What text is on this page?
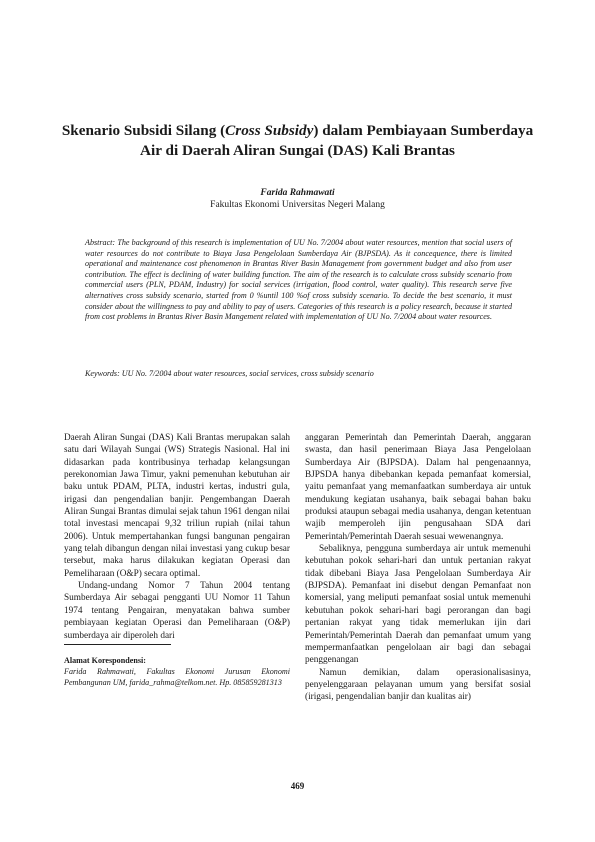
Skenario Subsidi Silang (Cross Subsidy) dalam Pembiayaan Sumberdaya
Air di Daerah Aliran Sungai (DAS) Kali Brantas
Farida Rahmawati
Fakultas Ekonomi Universitas Negeri Malang

Abstract: The background of this research is implementation of UU No. 7/2004 about water resources, mention that social users of water resources do not contribute to Biaya Jasa Pengelolaan Sumberdaya Air (BJPSDA). As it concequence, there is limited operational and maintenance cost phenomenon in Brantas River Basin Management from government budget and also from user contribution. The effect is declining of water building function. The aim of the research is to calculate cross subsidy scenario from commercial users (PLN, PDAM, Industry) for social services (irrigation, flood control, water quality). This research serve five alternatives cross subsidy scenario, started from 0 %until 100 %of cross subsidy scenario. To decide the best scenario, it must consider about the willingness to pay and ability to pay of users. Categories of this research is a policy research, because it started from cost problems in Brantas River Basin Mangement related with implementation of UU No. 7/2004 about water resources.

Keywords: UU No. 7/2004 about water resources, social services, cross subsidy scenario

Daerah Aliran Sungai (DAS) Kali Brantas merupakan salah satu dari Wilayah Sungai (WS) Strategis Nasional. Hal ini didasarkan pada kontribusinya terhadap kelangsungan perekonomian Jawa Timur, yakni pemenuhan kebutuhan air baku untuk PDAM, PLTA, industri kertas, industri gula, irigasi dan pengendalian banjir. Pengembangan Daerah Aliran Sungai Brantas dimulai sejak tahun 1961 dengan nilai total investasi mencapai 9,32 triliun rupiah (nilai tahun 2006). Untuk mempertahankan fungsi bangunan pengairan yang telah dibangun dengan nilai investasi yang cukup besar tersebut, maka harus dilakukan kegiatan Operasi dan Pemeliharaan (O&P) secara optimal.

Undang-undang Nomor 7 Tahun 2004 tentang Sumberdaya Air sebagai pengganti UU Nomor 11 Tahun 1974 tentang Pengairan, menyatakan bahwa sumber pembiayaan kegiatan Operasi dan Pemeliharaan (O&P) sumberdaya air diperoleh dari

Alamat Korespondensi:
Farida Rahmawati, Fakultas Ekonomi Jurusan Ekonomi Pembangunan UM, farida_rahma@telkom.net. Hp. 085859281313

anggaran Pemerintah dan Pemerintah Daerah, anggaran swasta, dan hasil penerimaan Biaya Jasa Pengelolaan Sumberdaya Air (BJPSDA). Dalam hal pengenaannya, BJPSDA hanya dibebankan kepada pemanfaat komersial, yaitu pemanfaat yang memanfaatkan sumberdaya air untuk mendukung kegiatan usahanya, baik sebagai bahan baku produksi ataupun sebagai media usahanya, dengan ketentuan wajib memperoleh ijin pengusahaan SDA dari Pemerintah/Pemerintah Daerah sesuai wewenangnya.

Sebaliknya, pengguna sumberdaya air untuk memenuhi kebutuhan pokok sehari-hari dan untuk pertanian rakyat tidak dibebani Biaya Jasa Pengelolaan Sumberdaya Air (BJPSDA). Pemanfaat ini disebut dengan Pemanfaat non komersial, yang meliputi pemanfaat sosial untuk memenuhi kebutuhan pokok sehari-hari bagi perorangan dan bagi pertanian rakyat yang tidak memerlukan ijin dari Pemerintah/Pemerintah Daerah dan pemanfaat umum yang mempermanfaatkan pengelolaan air bagi dan sebagai penggenangan

Namun demikian, dalam operasionalisasinya, penyelenggaraan pelayanan umum yang bersifat sosial (irigasi, pengendalian banjir dan kualitas air)

469
